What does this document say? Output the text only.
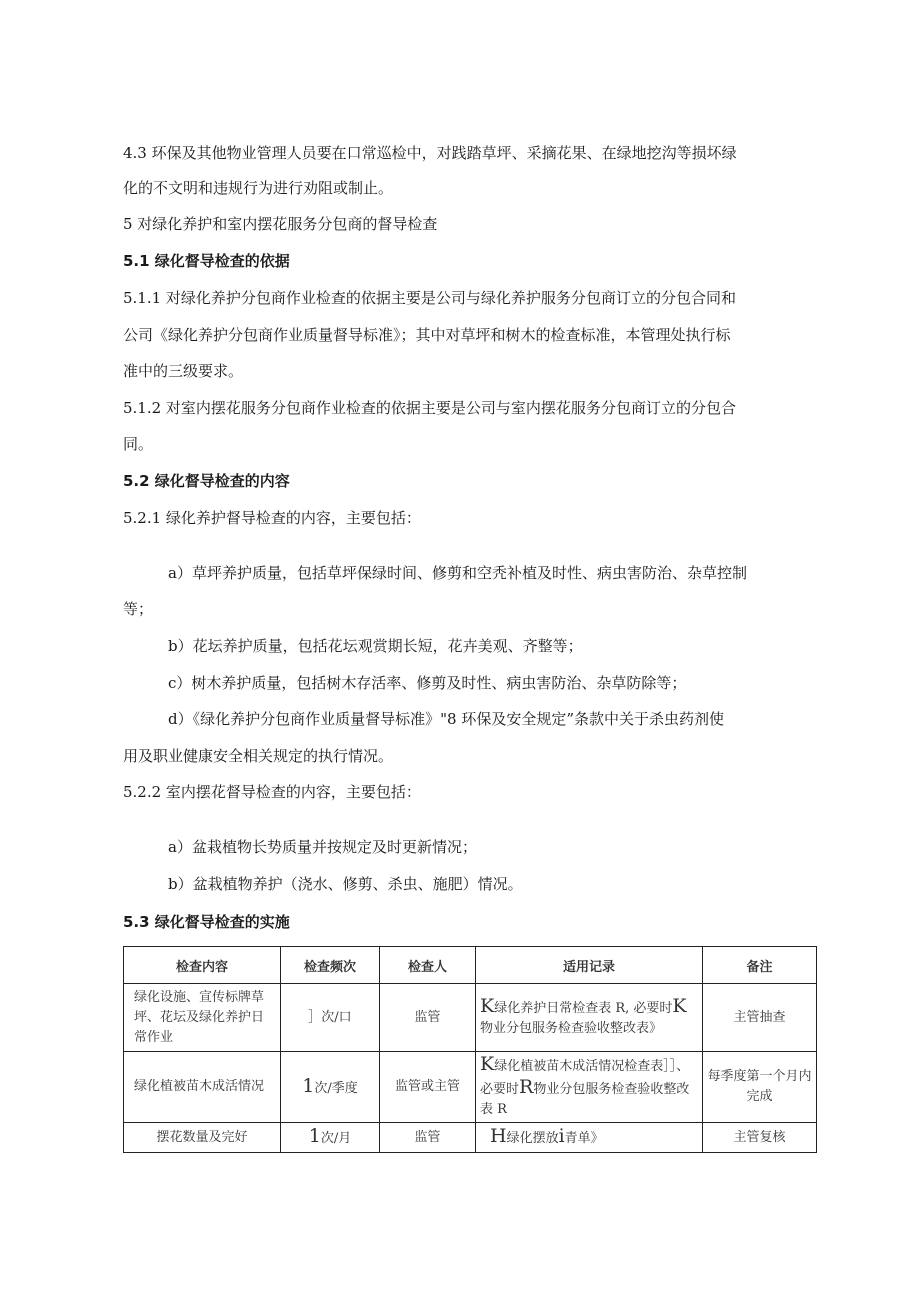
4.3 环保及其他物业管理人员要在口常巡检中，对践踏草坪、采摘花果、在绿地挖沟等损坏绿
化的不文明和违规行为进行劝阻或制止。
5 对绿化养护和室内摆花服务分包商的督导检查
5.1 绿化督导检查的依据
5.1.1 对绿化养护分包商作业检查的依据主要是公司与绿化养护服务分包商订立的分包合同和
公司《绿化养护分包商作业质量督导标准》；其中对草坪和树木的检查标准，本管理处执行标
准中的三级要求。
5.1.2 对室内摆花服务分包商作业检查的依据主要是公司与室内摆花服务分包商订立的分包合
同。
5.2 绿化督导检查的内容
5.2.1 绿化养护督导检查的内容，主要包括：
a）草坪养护质量，包括草坪保绿时间、修剪和空秃补植及时性、病虫害防治、杂草控制
等；
b）花坛养护质量，包括花坛观赏期长短，花卉美观、齐整等；
c）树木养护质量，包括树木存活率、修剪及时性、病虫害防治、杂草防除等；
d）《绿化养护分包商作业质量督导标准》"8 环保及安全规定”条款中关于杀虫药剂使
用及职业健康安全相关规定的执行情况。
5.2.2 室内摆花督导检查的内容，主要包括：
a）盆栽植物长势质量并按规定及时更新情况；
b）盆栽植物养护（浇水、修剪、杀虫、施肥）情况。
5.3 绿化督导检查的实施
检查内容	检查频次	检查人	适用记录	备注
绿化设施、宣传标牌草坪、花坛及绿化养护日常作业	］次/口	监管	K绿化养护日常检查表 R, 必要时K物业分包服务检查验收整改表》	主管抽查
绿化植被苗木成活情况	1次/季度	监管或主管	K绿化植被苗木成活情况检查表］］、必要时R物业分包服务检查验收整改表 R	每季度第一个月内完成
摆花数量及完好	1次/月	监管	H绿化摆放i青单》	主管复核
